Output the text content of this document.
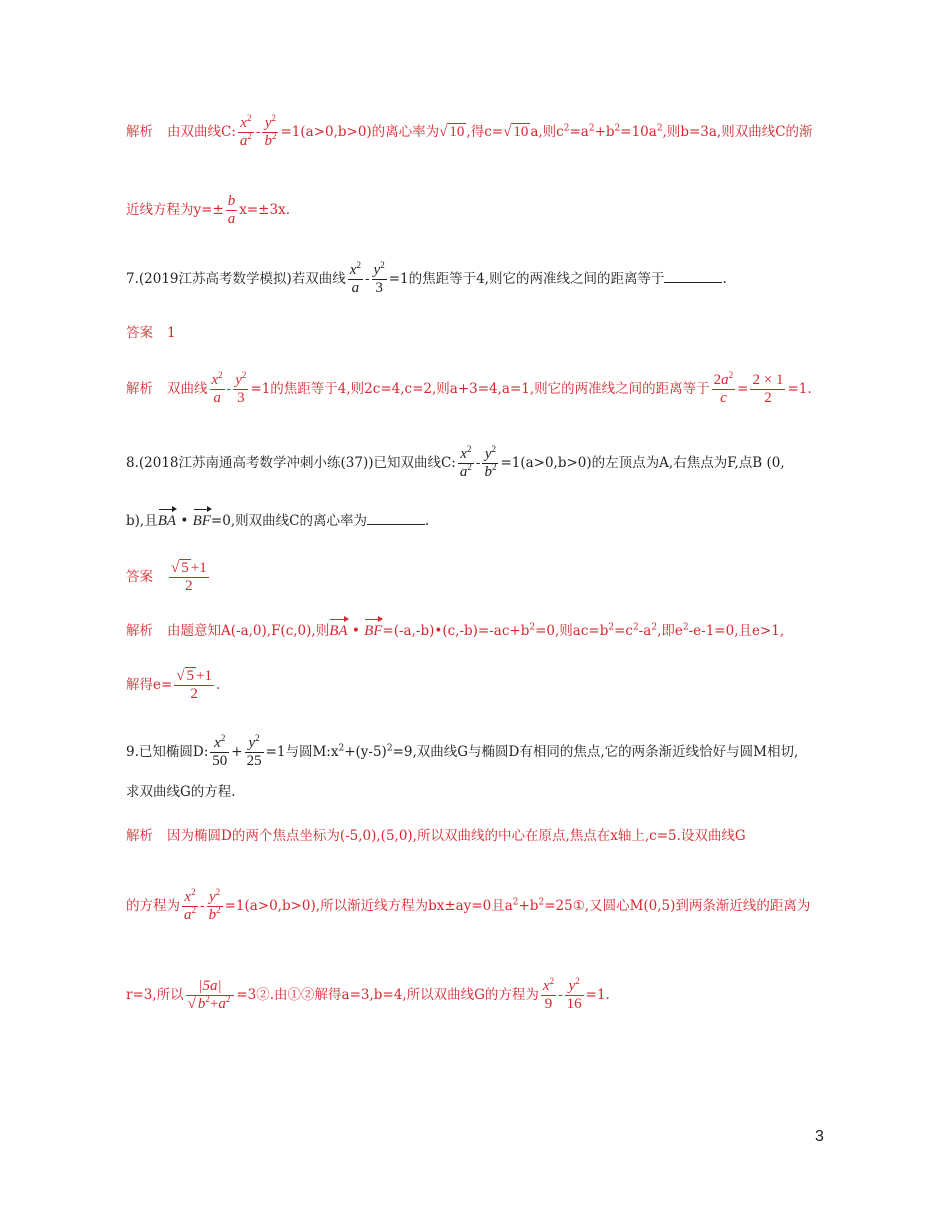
解析 由双曲线C: $\frac{x^2}{a^2} - \frac{y^2}{b^2} =1(a>0,b>0)$的离心率为√ 10 ,得c=√ 10 a,则$c^2=a^2+b^2=10a^2$,则b=3a,则双曲线C的渐
近线方程为$y=\pm \frac{b}{a} x=\pm 3x$.
7.(2019江苏高考数学模拟)若双曲线 $\frac{x^2}{a} - \frac{y^2}{3} =1$的焦距等于4,则它的两准线之间的距离等于	.
答案 1
解析 双曲线 $\frac{x^2}{a} - \frac{y^2}{3} =1$的焦距等于4,则2c=4,c=2,则a+3=4,a=1,则它的两准线之间的距离等于 $\frac{2a^2}{c} = \frac{2 \times 1}{2} =1$.
8.(2018江苏南通高考数学冲刺小练(37))已知双曲线C: $\frac{x^2}{a^2} - \frac{y^2}{b^2} =1(a>0,b>0)$的左顶点为A,右焦点为F,点B (0,
b),且BA • BF=0,则双曲线C的离心率为	.
答案 $\frac{√ 5 +1}{2}$
解析 由题意知A(-a,0),F(c,0),则BA • $BF=(-a,-b)•(c,-b)=-ac+b^2=0$,则$ac=b^2=c^2-a^2$,即$e^2-e-1=0$,且e>1,
解得$e= \frac{√ 5 +1}{2}$ .
9.已知椭圆D: $\frac{x^2}{50} + \frac{y^2}{25} =1$与圆$M:x^2+(y-5)^2=9$,双曲线G与椭圆D有相同的焦点,它的两条渐近线恰好与圆M相切,
求双曲线G的方程.
解析 因为椭圆D的两个焦点坐标为(-5,0),(5,0),所以双曲线的中心在原点,焦点在x轴上,c=5.设双曲线G
的方程为 $\frac{x^2}{a^2} - \frac{y^2}{b^2} =1(a>0,b>0)$,所以渐近线方程为bx±ay=0且$a^2+b^2=25①$,又圆心M(0,5)到两条渐近线的距离为
r=3,所以 $\frac{|5a|}{√ b^2+a^2}$ =3②.由①②解得a=3,b=4,所以双曲线G的方程为 $\frac{x^2}{9} - \frac{y^2}{16} =1$.
3
